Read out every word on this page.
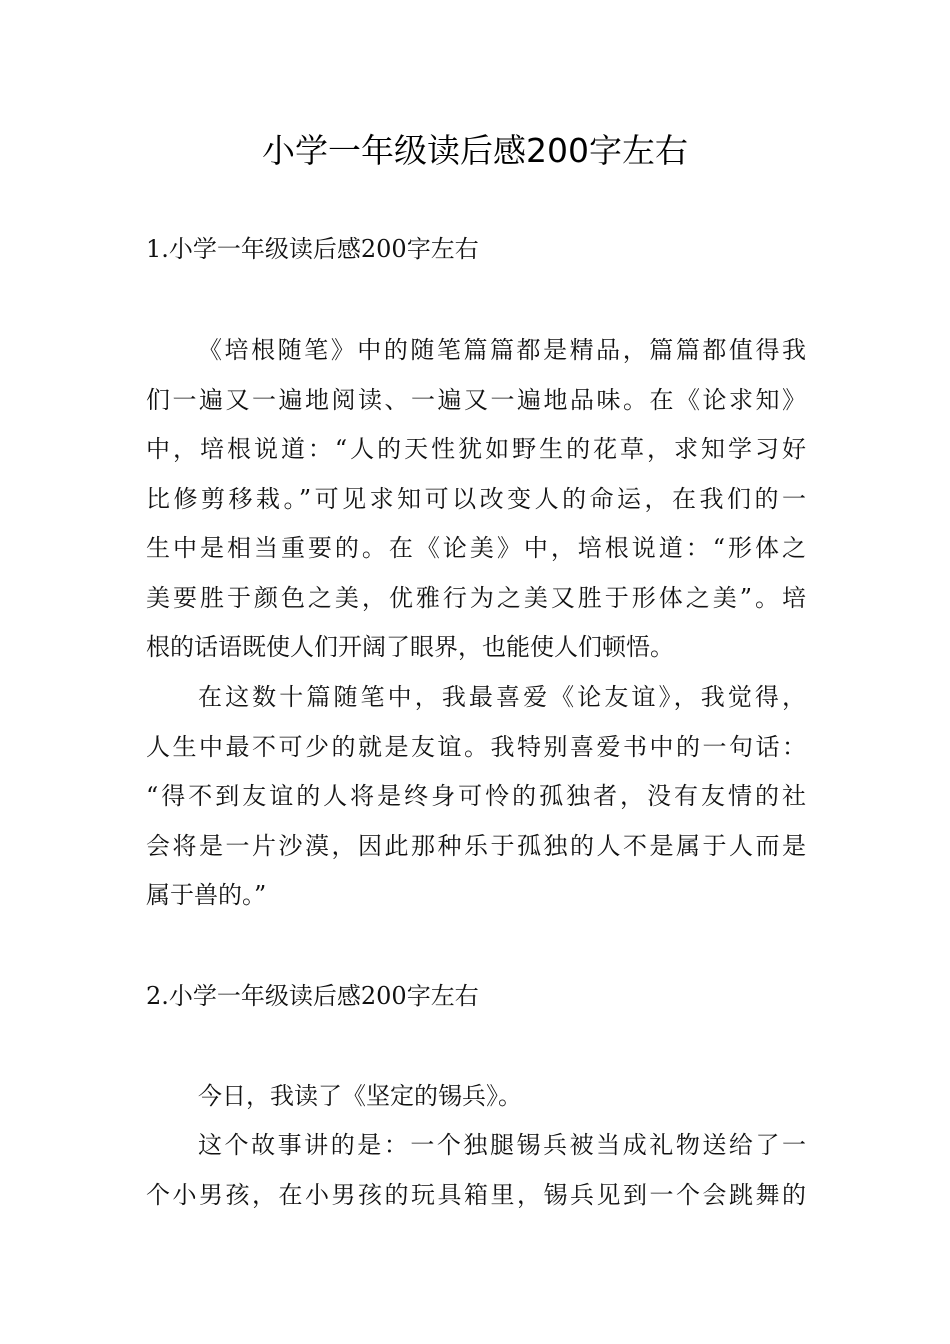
小学一年级读后感200字左右
1.小学一年级读后感200字左右
《培根随笔》中的随笔篇篇都是精品，篇篇都值得我
们一遍又一遍地阅读、一遍又一遍地品味。在《论求知》
中，培根说道：“人的天性犹如野生的花草，求知学习好
比修剪移栽。”可见求知可以改变人的命运，在我们的一
生中是相当重要的。在《论美》中，培根说道：“形体之
美要胜于颜色之美，优雅行为之美又胜于形体之美”。培
根的话语既使人们开阔了眼界，也能使人们顿悟。
在这数十篇随笔中，我最喜爱《论友谊》，我觉得，
人生中最不可少的就是友谊。我特别喜爱书中的一句话：
“得不到友谊的人将是终身可怜的孤独者，没有友情的社
会将是一片沙漠，因此那种乐于孤独的人不是属于人而是
属于兽的。”
2.小学一年级读后感200字左右
今日，我读了《坚定的锡兵》。
这个故事讲的是：一个独腿锡兵被当成礼物送给了一
个小男孩，在小男孩的玩具箱里，锡兵见到一个会跳舞的
